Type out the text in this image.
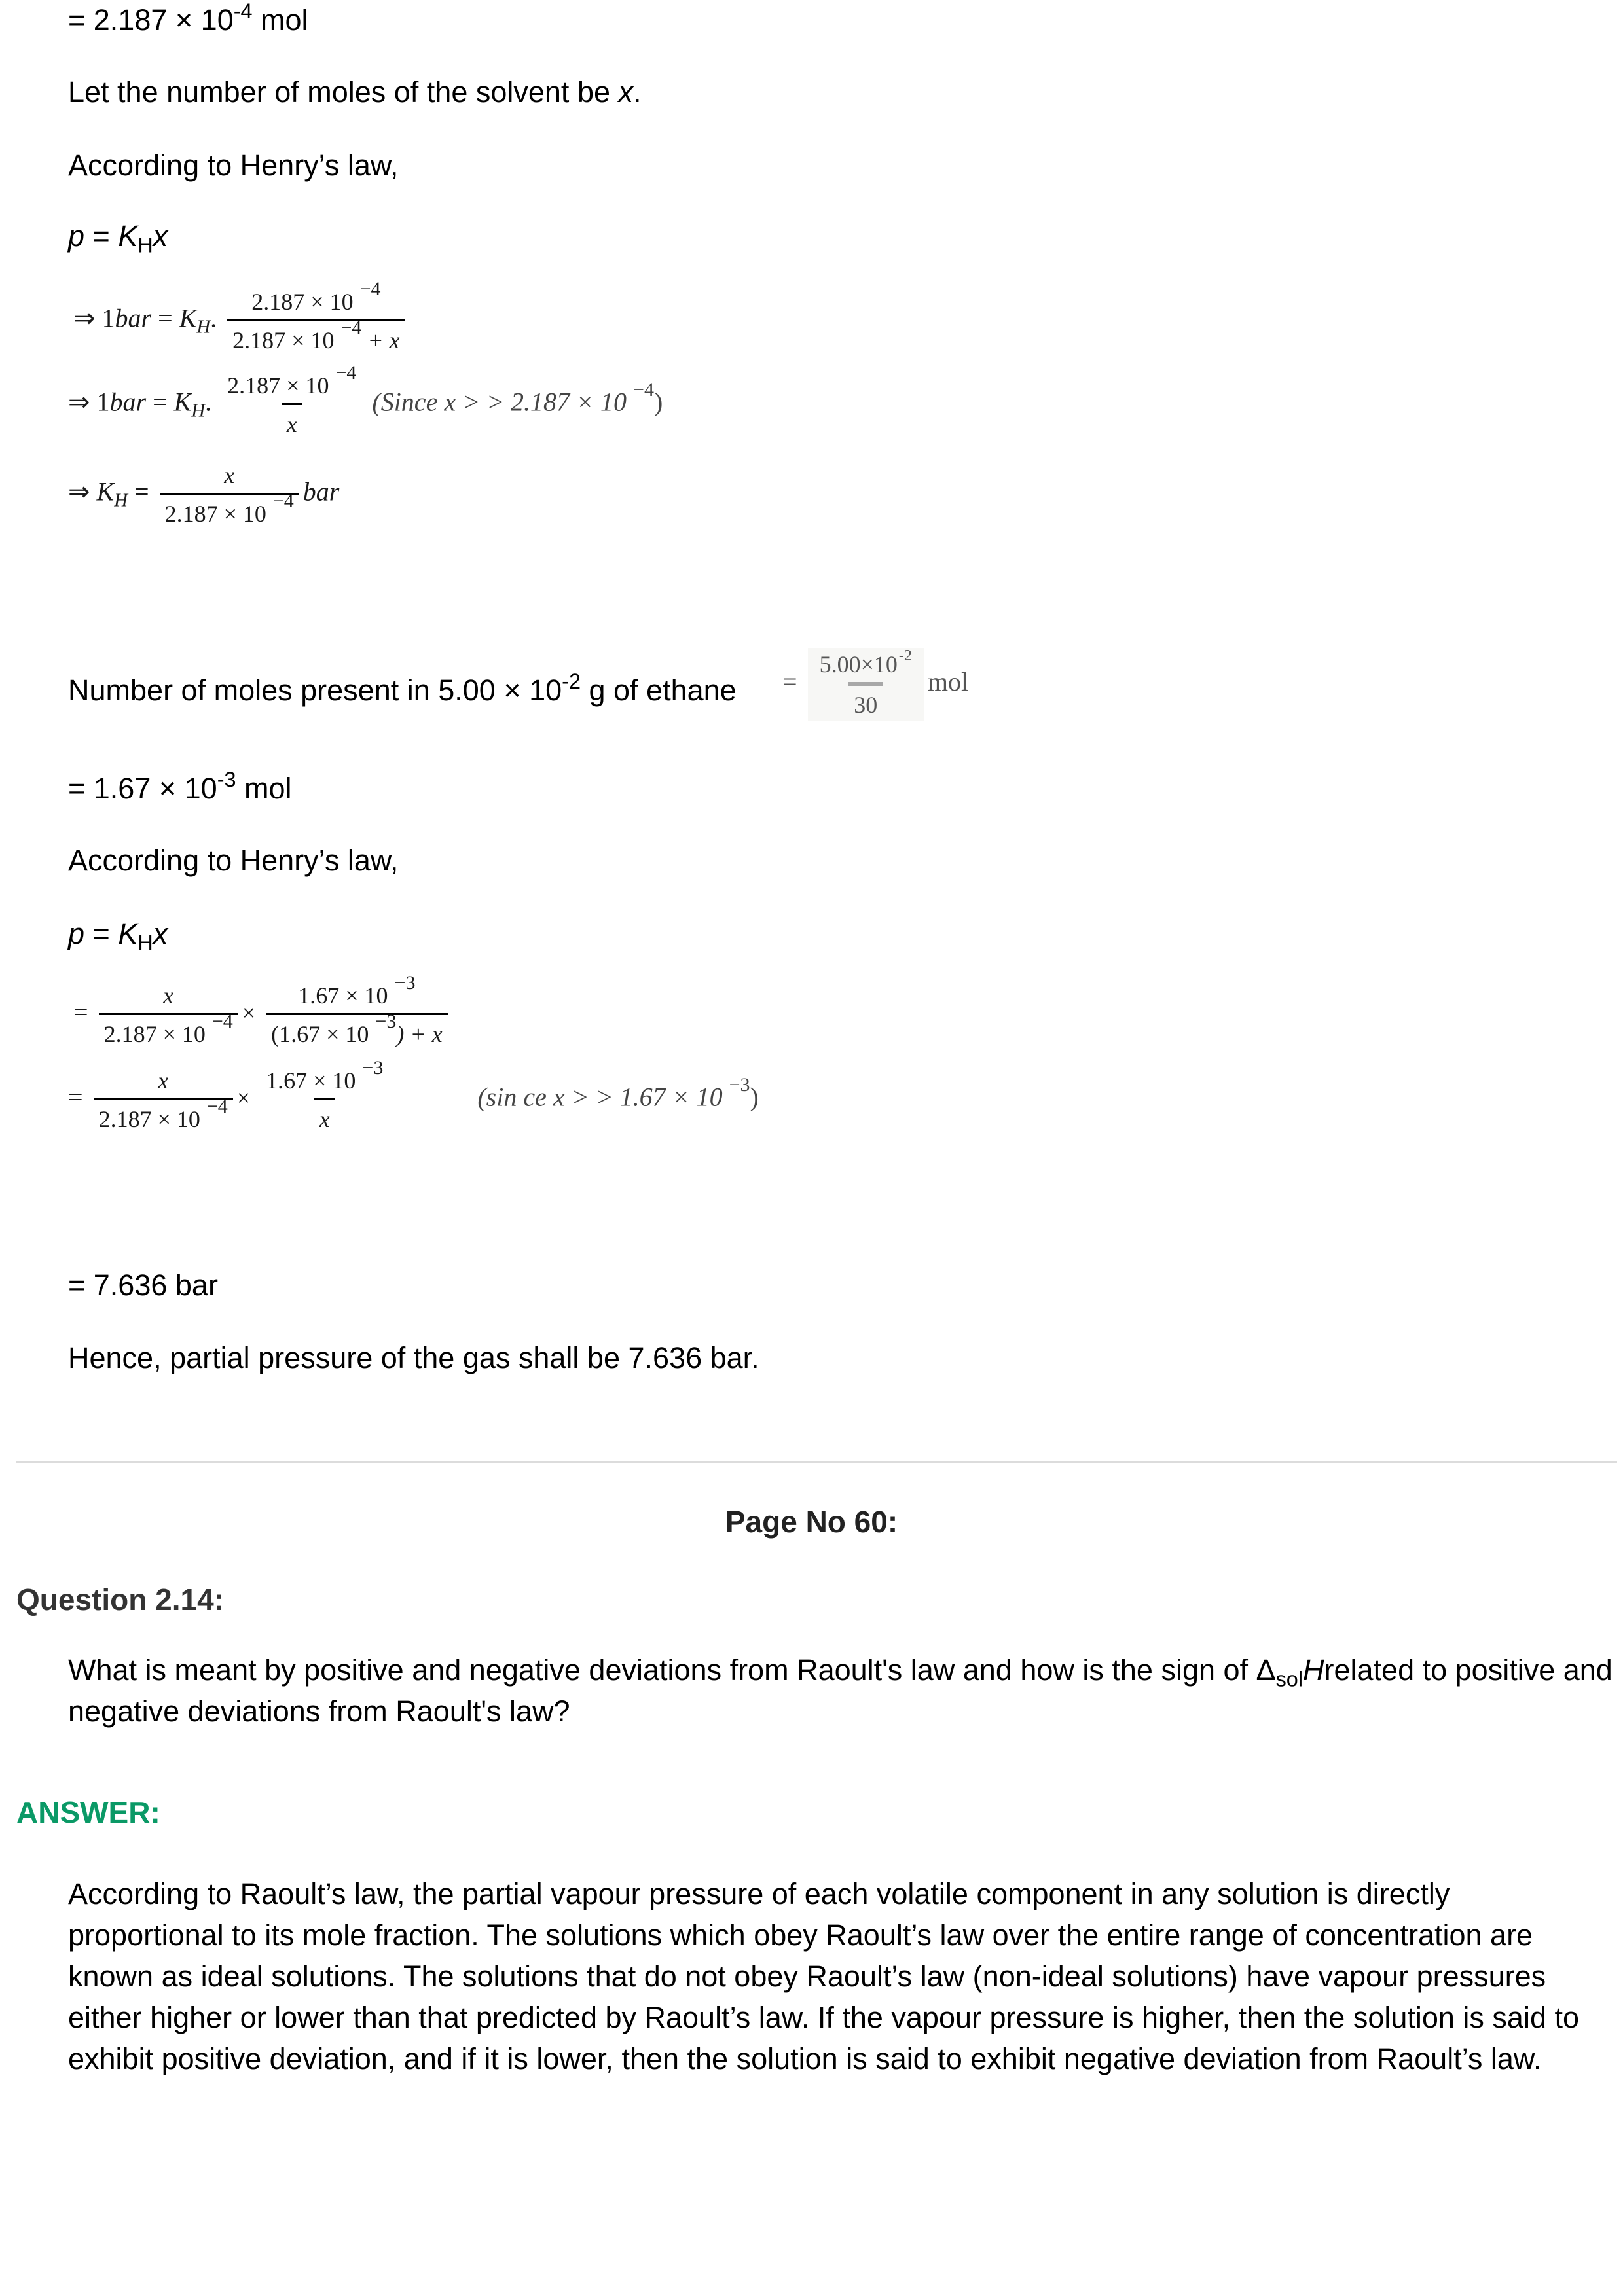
= $2.187 \times 10^{-4}$ mol
Let the number of moles of the solvent be x.
According to Henry’s law,
$p = K_Hx$
⇒ $1bar = K_H$. $\frac{2.187 \times 10 ^{-4}}{2.187 \times 10 ^{-4} + x}$
⇒ $1bar = K_H$. $\frac{2.187 \times 10 ^{-4}}{x}$ (Since x > > 2.187 × 10 $^{-4}$)
⇒ $K_H = \frac{x}{2.187 \times 10 ^{-4}}$ bar
Number of moles present in $5.00 \times 10^{-2}$ g of ethane = $\frac{5.00\times 10^{-2}}{30}$ mol
= $1.67 \times 10^{-3}$ mol
According to Henry’s law,
$p = K_Hx$
= $\frac{x}{2.187 \times 10 ^{-4}} \times \frac{1.67 \times 10 ^{-3}}{(1.67 \times 10 ^{-3}) + x}$
= $\frac{x}{2.187 \times 10 ^{-4}} \times \frac{1.67 \times 10 ^{-3}}{x}$	(sin ce x > > 1.67 × 10 $^{-3}$)
= 7.636 bar
Hence, partial pressure of the gas shall be 7.636 bar.
Page No 60:
Question 2.14:
What is meant by positive and negative deviations from Raoult's law and how is the sign of $\Delta_{sol}Hrelated$ to positive and negative deviations from Raoult's law?
ANSWER:
According to Raoult’s law, the partial vapour pressure of each volatile component in any solution is directly proportional to its mole fraction. The solutions which obey Raoult’s law over the entire range of concentration are known as ideal solutions. The solutions that do not obey Raoult’s law (non-ideal solutions) have vapour pressures either higher or lower than that predicted by Raoult’s law. If the vapour pressure is higher, then the solution is said to exhibit positive deviation, and if it is lower, then the solution is said to exhibit negative deviation from Raoult’s law.
